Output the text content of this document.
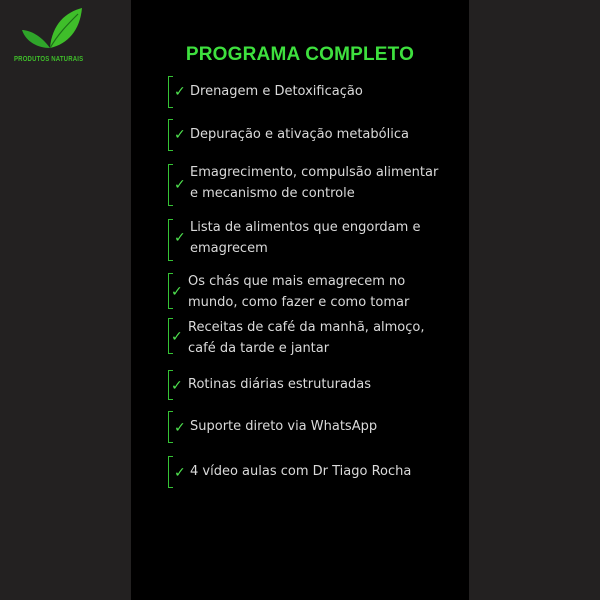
PRODUTOS NATURAIS	PROGRAMA COMPLETO
✓ Drenagem e Detoxificação
✓ Depuração e ativação metabólica
✓
Emagrecimento, compulsão alimentar
e mecanismo de controle
✓
Lista de alimentos que engordam e
emagrecem
✓
Os chás que mais emagrecem no
mundo, como fazer e como tomar
✓
Receitas de café da manhã, almoço,
café da tarde e jantar
✓ Rotinas diárias estruturadas
✓ Suporte direto via WhatsApp
✓ 4 vídeo aulas com Dr Tiago Rocha
